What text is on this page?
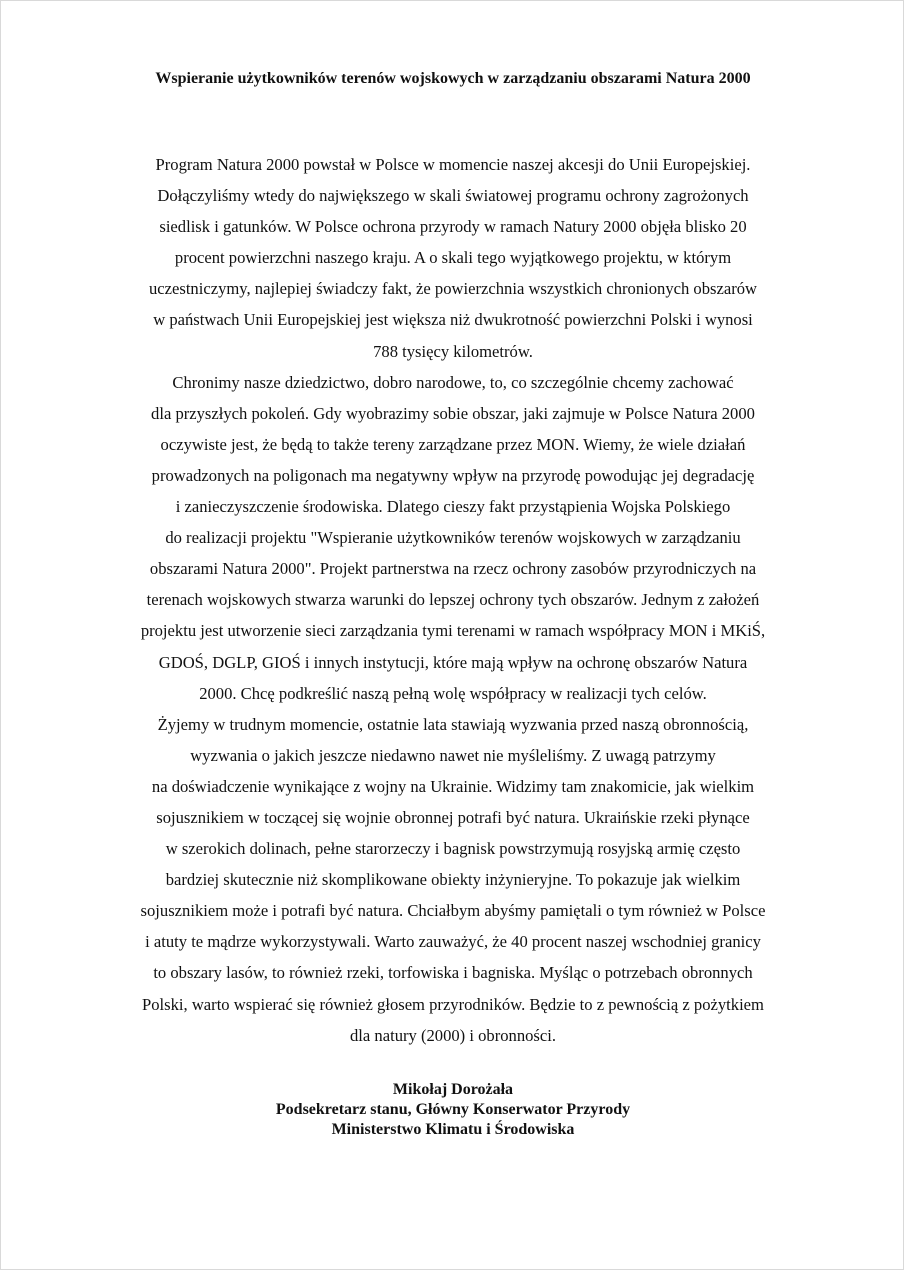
Wspieranie użytkowników terenów wojskowych w zarządzaniu obszarami Natura 2000
Program Natura 2000 powstał w Polsce w momencie naszej akcesji do Unii Europejskiej.
Dołączyliśmy wtedy do największego w skali światowej programu ochrony zagrożonych
siedlisk i gatunków. W Polsce ochrona przyrody w ramach Natury 2000 objęła blisko 20
procent powierzchni naszego kraju. A o skali tego wyjątkowego projektu, w którym
uczestniczymy, najlepiej świadczy fakt, że powierzchnia wszystkich chronionych obszarów
w państwach Unii Europejskiej jest większa niż dwukrotność powierzchni Polski i wynosi
788 tysięcy kilometrów.
Chronimy nasze dziedzictwo, dobro narodowe, to, co szczególnie chcemy zachować
dla przyszłych pokoleń. Gdy wyobrazimy sobie obszar, jaki zajmuje w Polsce Natura 2000
oczywiste jest, że będą to także tereny zarządzane przez MON. Wiemy, że wiele działań
prowadzonych na poligonach ma negatywny wpływ na przyrodę powodując jej degradację
i zanieczyszczenie środowiska. Dlatego cieszy fakt przystąpienia Wojska Polskiego
do realizacji projektu "Wspieranie użytkowników terenów wojskowych w zarządzaniu
obszarami Natura 2000". Projekt partnerstwa na rzecz ochrony zasobów przyrodniczych na
terenach wojskowych stwarza warunki do lepszej ochrony tych obszarów. Jednym z założeń
projektu jest utworzenie sieci zarządzania tymi terenami w ramach współpracy MON i MKiŚ,
GDOŚ, DGLP, GIOŚ i innych instytucji, które mają wpływ na ochronę obszarów Natura
2000. Chcę podkreślić naszą pełną wolę współpracy w realizacji tych celów.
Żyjemy w trudnym momencie, ostatnie lata stawiają wyzwania przed naszą obronnością,
wyzwania o jakich jeszcze niedawno nawet nie myśleliśmy. Z uwagą patrzymy
na doświadczenie wynikające z wojny na Ukrainie. Widzimy tam znakomicie, jak wielkim
sojusznikiem w toczącej się wojnie obronnej potrafi być natura. Ukraińskie rzeki płynące
w szerokich dolinach, pełne starorzeczy i bagnisk powstrzymują rosyjską armię często
bardziej skutecznie niż skomplikowane obiekty inżynieryjne. To pokazuje jak wielkim
sojusznikiem może i potrafi być natura. Chciałbym abyśmy pamiętali o tym również w Polsce
i atuty te mądrze wykorzystywali. Warto zauważyć, że 40 procent naszej wschodniej granicy
to obszary lasów, to również rzeki, torfowiska i bagniska. Myśląc o potrzebach obronnych
Polski, warto wspierać się również głosem przyrodników. Będzie to z pewnością z pożytkiem
dla natury (2000) i obronności.
Mikołaj Dorożała
Podsekretarz stanu, Główny Konserwator Przyrody
Ministerstwo Klimatu i Środowiska
